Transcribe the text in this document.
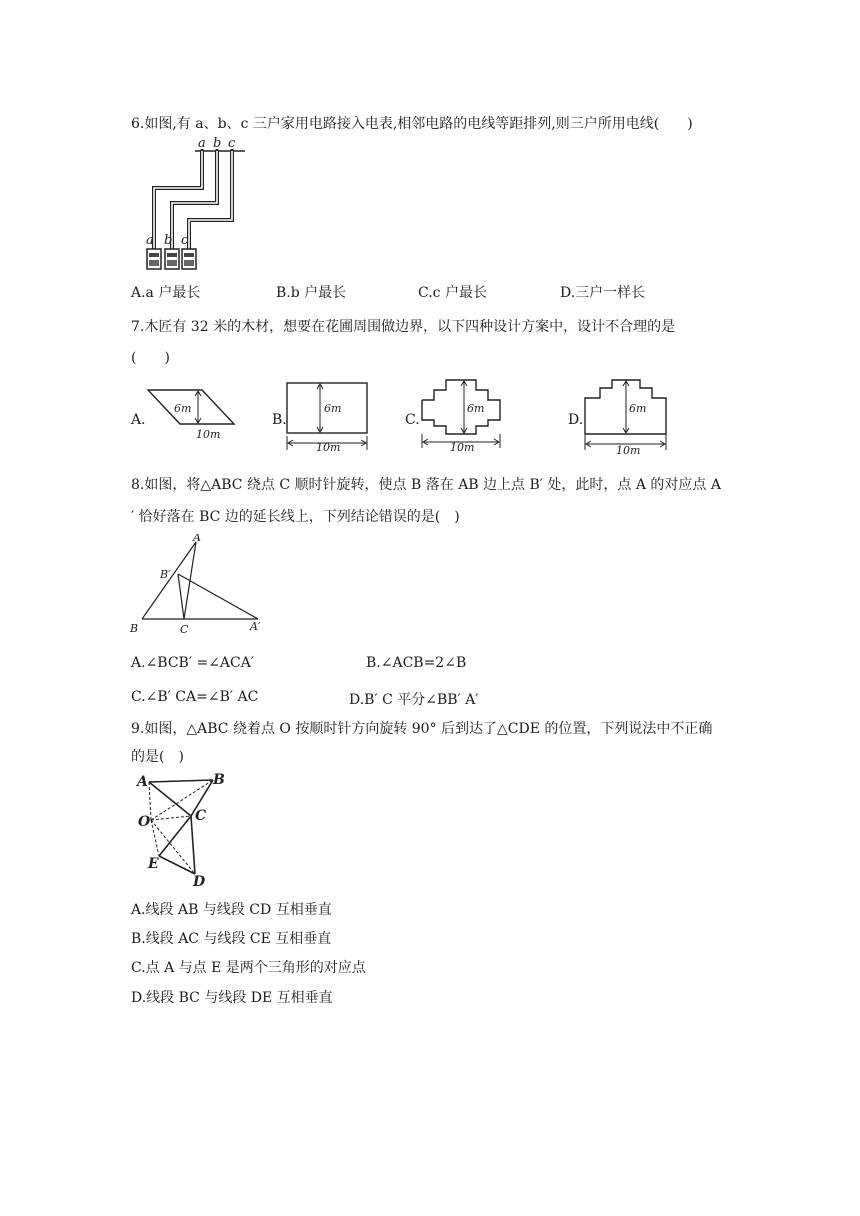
6.如图,有 a、b、c 三户家用电路接入电表,相邻电路的电线等距排列,则三户所用电线(　　)
a b c
a b c
A.a 户最长	B.b 户最长	C.c 户最长	D.三户一样长
7.木匠有 32 米的木材，想要在花圃周围做边界，以下四种设计方案中，设计不合理的是
(　　)
A.
6m
10m
B.
6m
10m
C.
6m
10m
D.
6m
10m
8.如图，将△ABC 绕点 C 顺时针旋转，使点 B 落在 AB 边上点 B′ 处，此时，点 A 的对应点 A
′ 恰好落在 BC 边的延长线上，下列结论错误的是(　)
A
B′
B	C	A′
A.∠BCB′ =∠ACA′	B.∠ACB=2∠B
C.∠B′ CA=∠B′ AC	D.B′ C 平分∠BB′ A′
9.如图，△ABC 绕着点 O 按顺时针方向旋转 90° 后到达了△CDE 的位置，下列说法中不正确
的是(　)
A	B
O	C
E
D
A.线段 AB 与线段 CD 互相垂直
B.线段 AC 与线段 CE 互相垂直
C.点 A 与点 E 是两个三角形的对应点
D.线段 BC 与线段 DE 互相垂直
